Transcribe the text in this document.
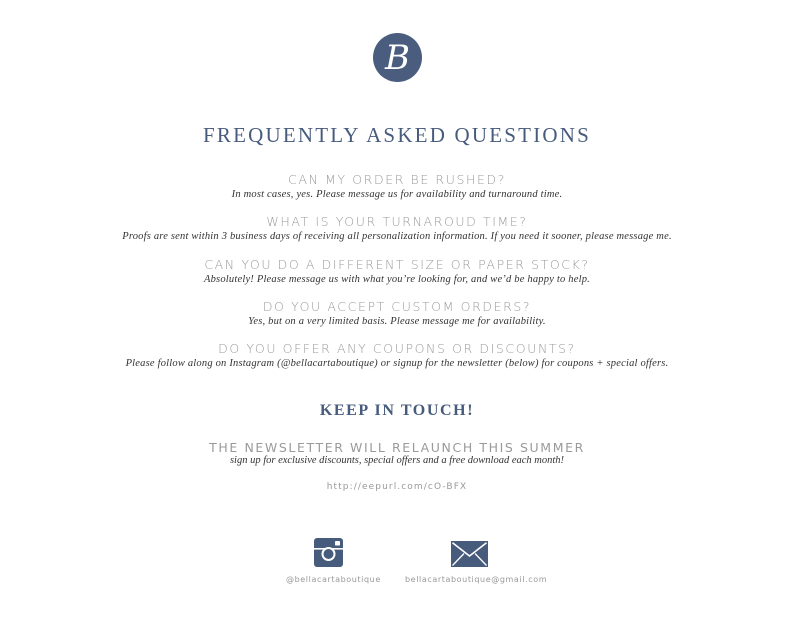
B
FREQUENTLY ASKED QUESTIONS
CAN MY ORDER BE RUSHED?
In most cases, yes. Please message us for availability and turnaround time.
WHAT IS YOUR TURNAROUD TIME?
Proofs are sent within 3 business days of receiving all personalization information. If you need it sooner, please message me.
CAN YOU DO A DIFFERENT SIZE OR PAPER STOCK?
Absolutely! Please message us with what you’re looking for, and we’d be happy to help.
DO YOU ACCEPT CUSTOM ORDERS?
Yes, but on a very limited basis. Please message me for availability.
DO YOU OFFER ANY COUPONS OR DISCOUNTS?
Please follow along on Instagram (@bellacartaboutique) or signup for the newsletter (below) for coupons + special offers.
KEEP IN TOUCH!
THE NEWSLETTER WILL RELAUNCH THIS SUMMER
sign up for exclusive discounts, special offers and a free download each month!
http://eepurl.com/cO-BFX
@bellacartaboutique	bellacartaboutique@gmail.com
